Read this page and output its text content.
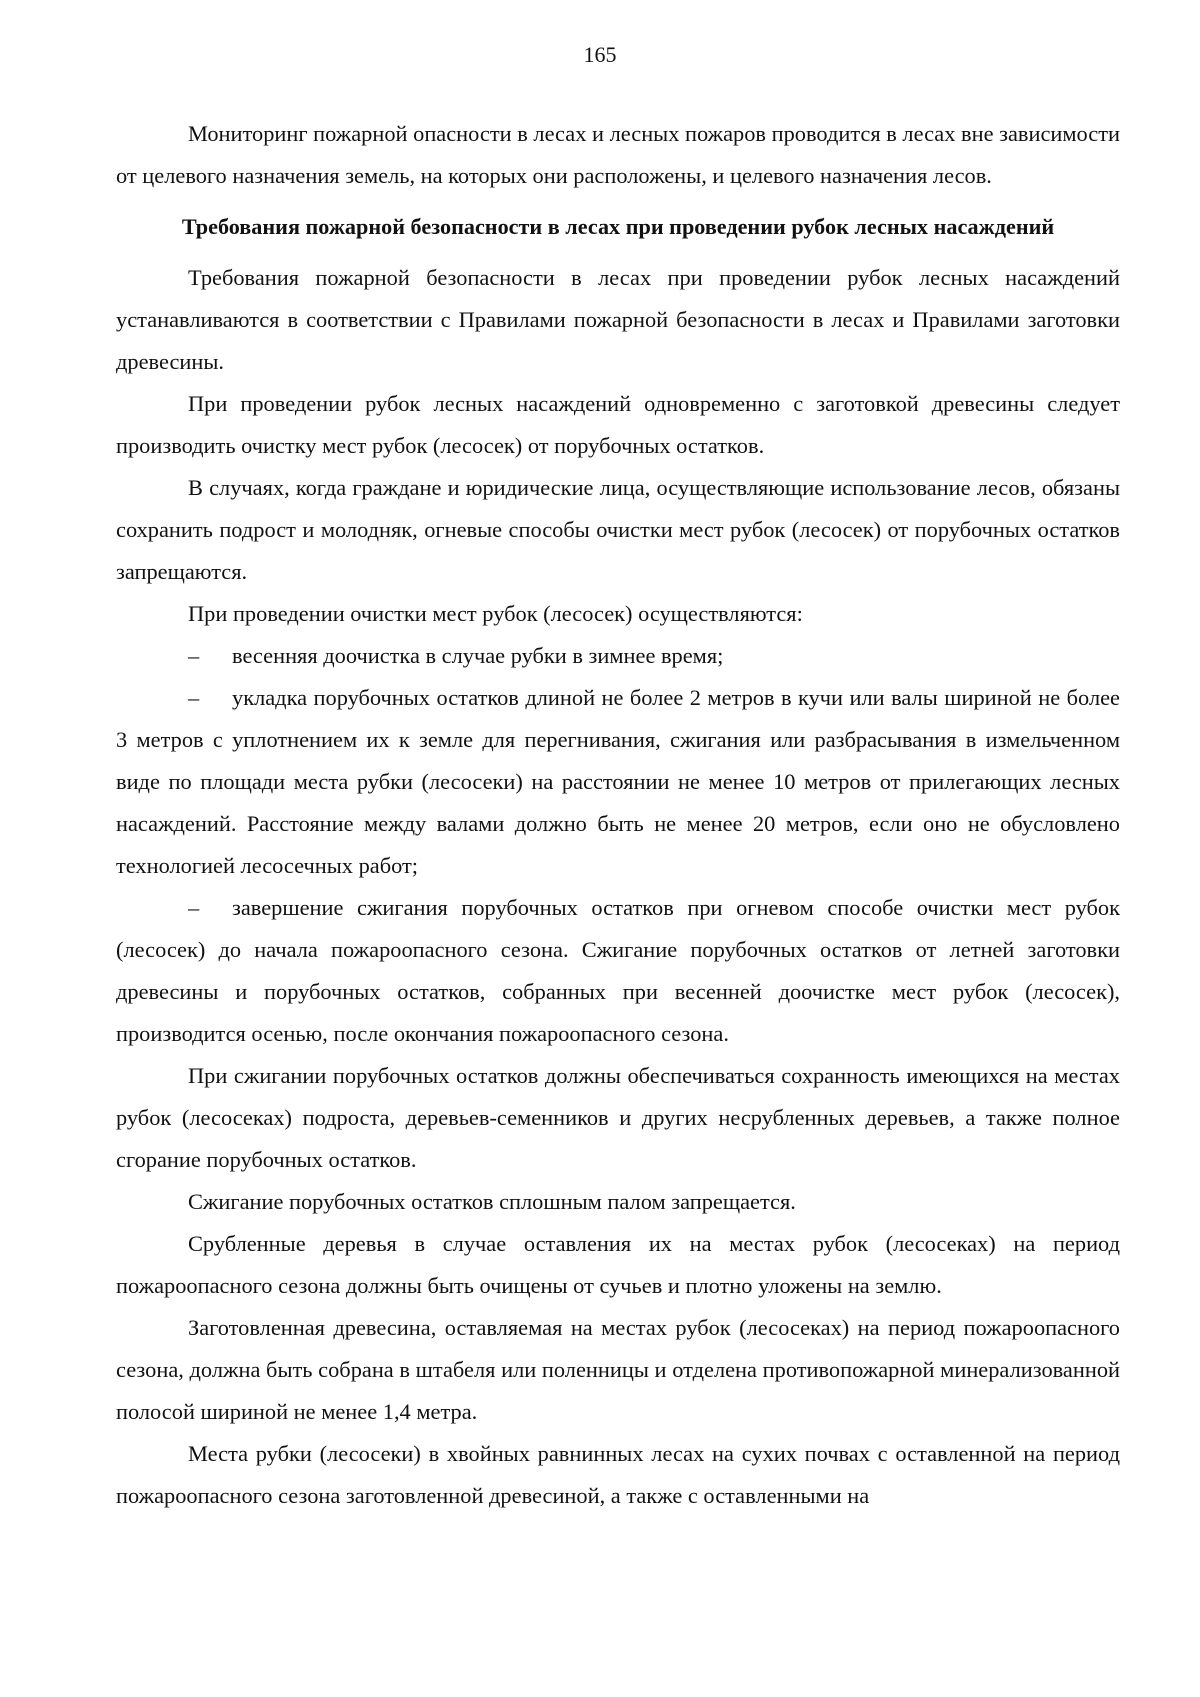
165

Мониторинг пожарной опасности в лесах и лесных пожаров проводится в лесах вне зависимости от целевого назначения земель, на которых они расположены, и целевого назначения лесов.

Требования пожарной безопасности в лесах при проведении рубок лесных насаждений

Требования пожарной безопасности в лесах при проведении рубок лесных насаждений устанавливаются в соответствии с Правилами пожарной безопасности в лесах и Правилами заготовки древесины.

При проведении рубок лесных насаждений одновременно с заготовкой древесины следует производить очистку мест рубок (лесосек) от порубочных остатков.

В случаях, когда граждане и юридические лица, осуществляющие использование лесов, обязаны сохранить подрост и молодняк, огневые способы очистки мест рубок (лесосек) от порубочных остатков запрещаются.

При проведении очистки мест рубок (лесосек) осуществляются:

– весенняя доочистка в случае рубки в зимнее время;

– укладка порубочных остатков длиной не более 2 метров в кучи или валы шириной не более 3 метров с уплотнением их к земле для перегнивания, сжигания или разбрасывания в измельченном виде по площади места рубки (лесосеки) на расстоянии не менее 10 метров от прилегающих лесных насаждений. Расстояние между валами должно быть не менее 20 метров, если оно не обусловлено технологией лесосечных работ;

– завершение сжигания порубочных остатков при огневом способе очистки мест рубок (лесосек) до начала пожароопасного сезона. Сжигание порубочных остатков от летней заготовки древесины и порубочных остатков, собранных при весенней доочистке мест рубок (лесосек), производится осенью, после окончания пожароопасного сезона.

При сжигании порубочных остатков должны обеспечиваться сохранность имеющихся на местах рубок (лесосеках) подроста, деревьев-семенников и других несрубленных деревьев, а также полное сгорание порубочных остатков.

Сжигание порубочных остатков сплошным палом запрещается.

Срубленные деревья в случае оставления их на местах рубок (лесосеках) на период пожароопасного сезона должны быть очищены от сучьев и плотно уложены на землю.

Заготовленная древесина, оставляемая на местах рубок (лесосеках) на период пожароопасного сезона, должна быть собрана в штабеля или поленницы и отделена противопожарной минерализованной полосой шириной не менее 1,4 метра.

Места рубки (лесосеки) в хвойных равнинных лесах на сухих почвах с оставленной на период пожароопасного сезона заготовленной древесиной, а также с оставленными на
